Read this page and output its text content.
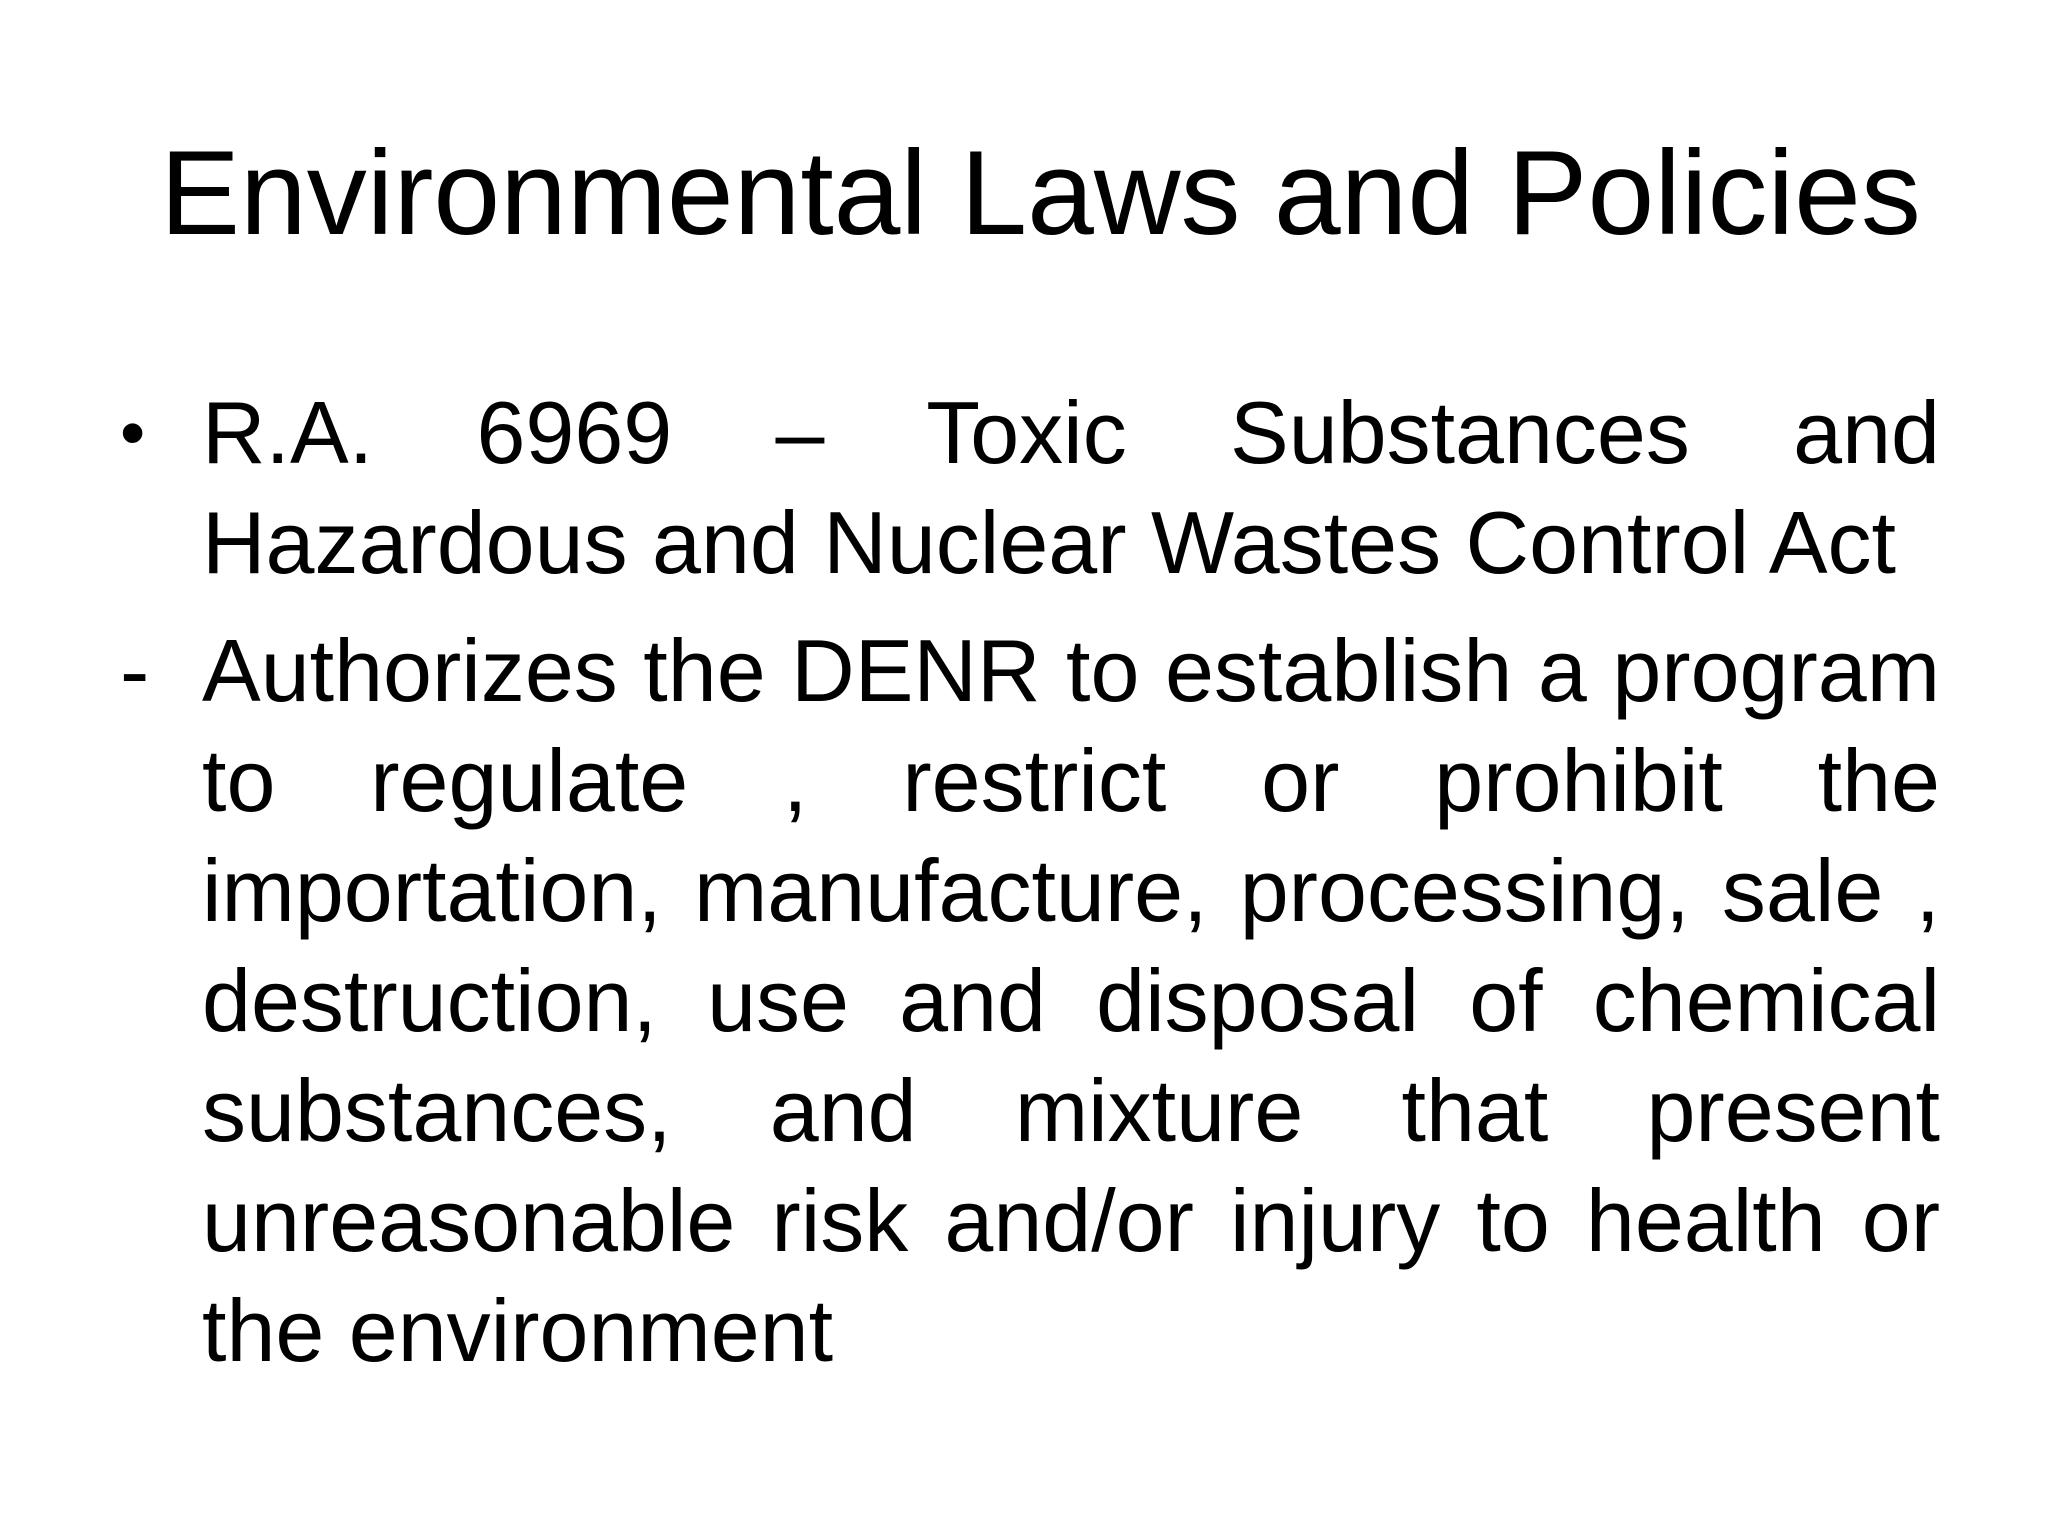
Environmental Laws and Policies

• R.A. 6969 – Toxic Substances and Hazardous and Nuclear Wastes Control Act

- Authorizes the DENR to establish a program to regulate , restrict or prohibit the importation, manufacture, processing, sale , destruction, use and disposal of chemical substances, and mixture that present unreasonable risk and/or injury to health or the environment
